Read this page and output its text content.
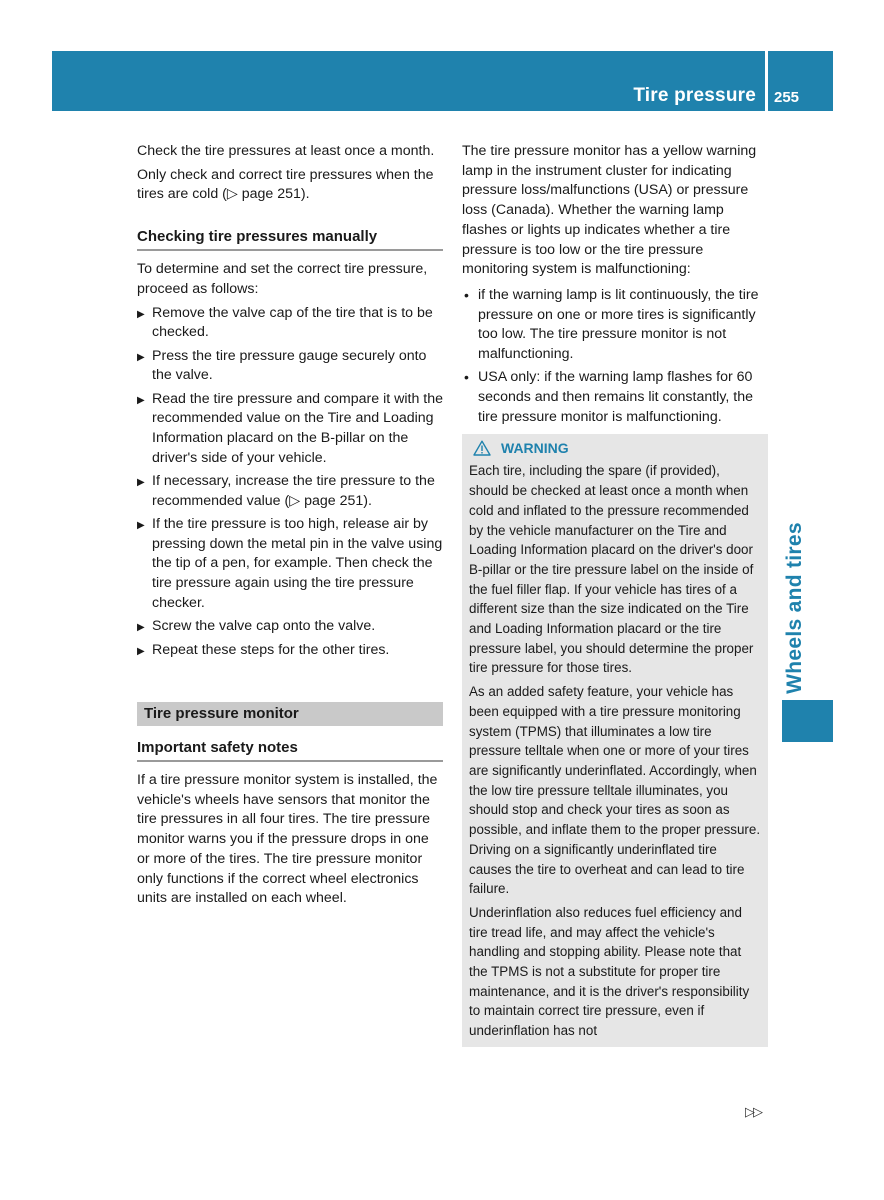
Tire pressure 255
Wheels and tires

Check the tire pressures at least once a month.

Only check and correct tire pressures when the tires are cold (▷ page 251).

Checking tire pressures manually

To determine and set the correct tire pressure, proceed as follows:

▶ Remove the valve cap of the tire that is to be checked.

▶ Press the tire pressure gauge securely onto the valve.

▶ Read the tire pressure and compare it with the recommended value on the Tire and Loading Information placard on the B-pillar on the driver's side of your vehicle.

▶ If necessary, increase the tire pressure to the recommended value (▷ page 251).

▶ If the tire pressure is too high, release air by pressing down the metal pin in the valve using the tip of a pen, for example. Then check the tire pressure again using the tire pressure checker.

▶ Screw the valve cap onto the valve.

▶ Repeat these steps for the other tires.

Tire pressure monitor
Important safety notes

If a tire pressure monitor system is installed, the vehicle's wheels have sensors that monitor the tire pressures in all four tires. The tire pressure monitor warns you if the pressure drops in one or more of the tires. The tire pressure monitor only functions if the correct wheel electronics units are installed on each wheel.

The tire pressure monitor has a yellow warning lamp in the instrument cluster for indicating pressure loss/malfunctions (USA) or pressure loss (Canada). Whether the warning lamp flashes or lights up indicates whether a tire pressure is too low or the tire pressure monitoring system is malfunctioning:

• if the warning lamp is lit continuously, the tire pressure on one or more tires is significantly too low. The tire pressure monitor is not malfunctioning.

• USA only: if the warning lamp flashes for 60 seconds and then remains lit constantly, the tire pressure monitor is malfunctioning.

WARNING

Each tire, including the spare (if provided), should be checked at least once a month when cold and inflated to the pressure recommended by the vehicle manufacturer on the Tire and Loading Information placard on the driver's door B-pillar or the tire pressure label on the inside of the fuel filler flap. If your vehicle has tires of a different size than the size indicated on the Tire and Loading Information placard or the tire pressure label, you should determine the proper tire pressure for those tires.

As an added safety feature, your vehicle has been equipped with a tire pressure monitoring system (TPMS) that illuminates a low tire pressure telltale when one or more of your tires are significantly underinflated. Accordingly, when the low tire pressure telltale illuminates, you should stop and check your tires as soon as possible, and inflate them to the proper pressure. Driving on a significantly underinflated tire causes the tire to overheat and can lead to tire failure.

Underinflation also reduces fuel efficiency and tire tread life, and may affect the vehicle's handling and stopping ability. Please note that the TPMS is not a substitute for proper tire maintenance, and it is the driver's responsibility to maintain correct tire pressure, even if underinflation has not

▷▷
